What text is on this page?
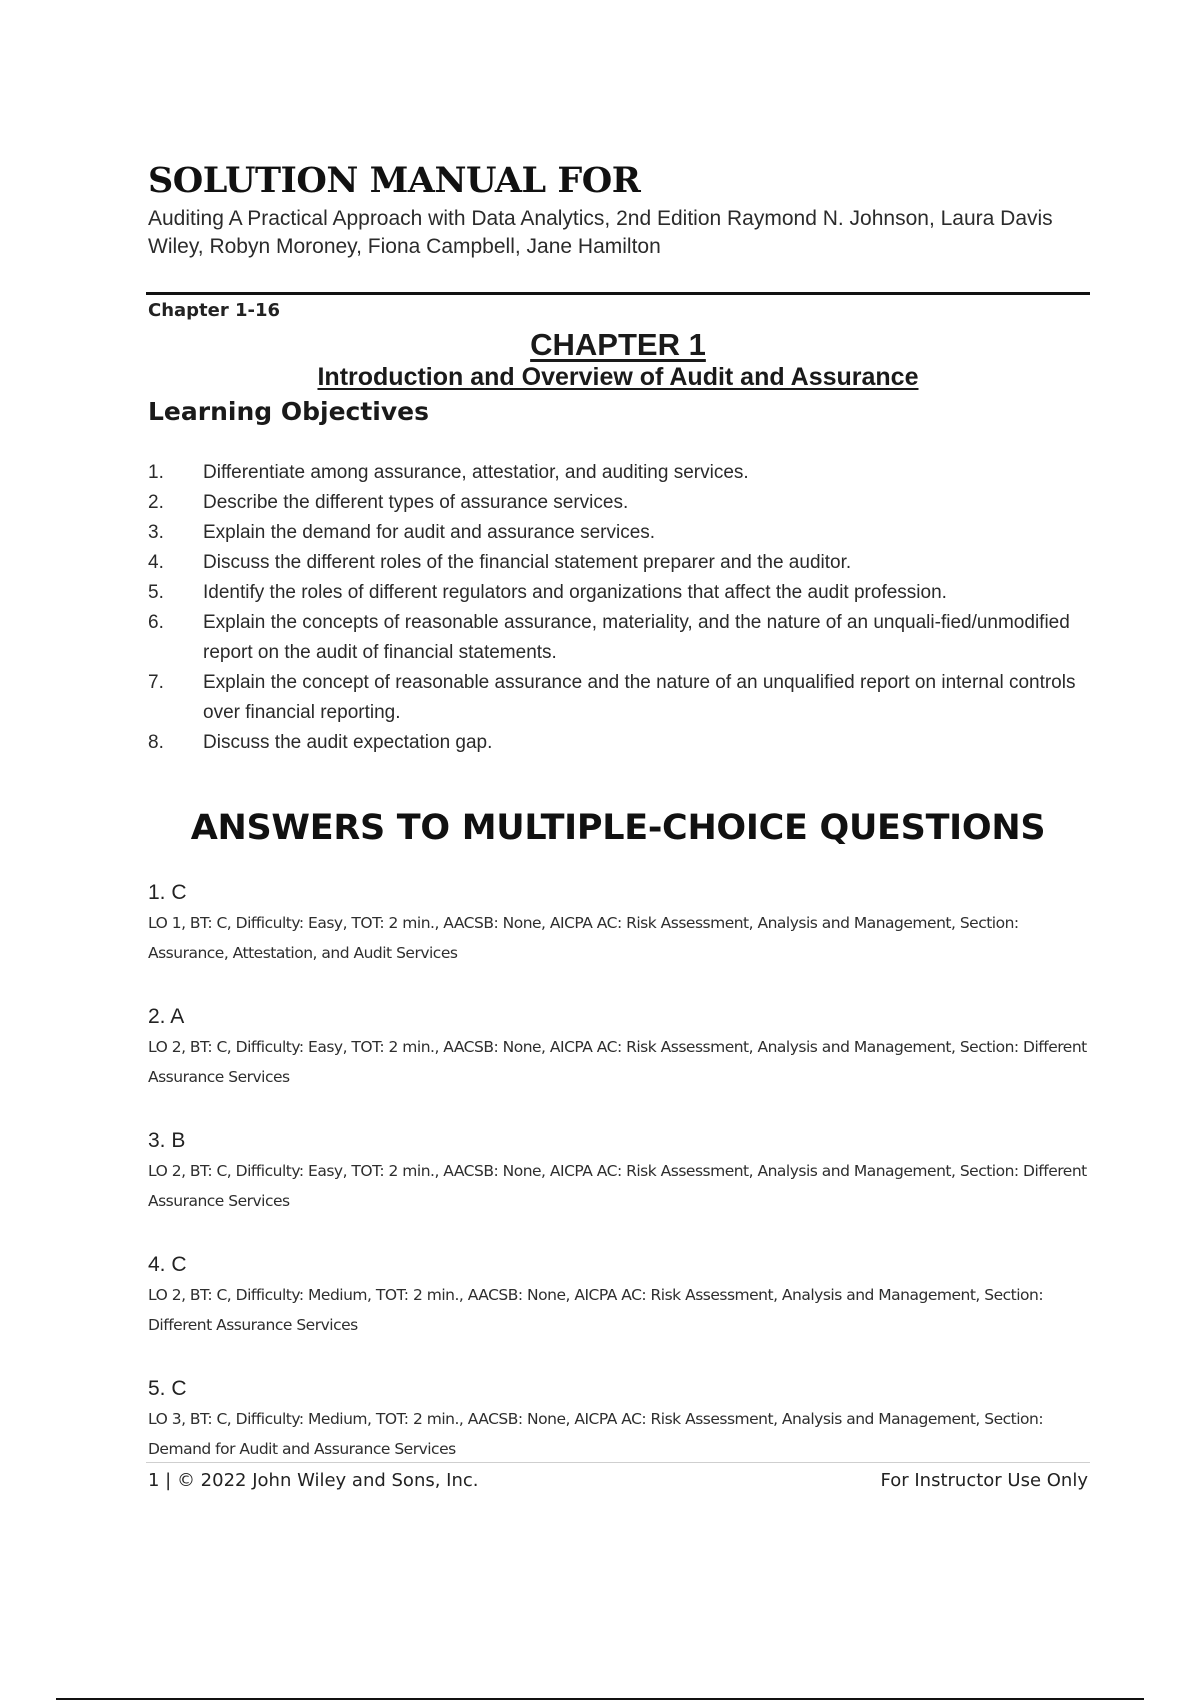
SOLUTION MANUAL FOR
Auditing A Practical Approach with Data Analytics, 2nd Edition Raymond N. Johnson, Laura Davis Wiley, Robyn Moroney, Fiona Campbell, Jane Hamilton
Chapter 1-16
CHAPTER 1
Introduction and Overview of Audit and Assurance
Learning Objectives
1.	Differentiate among assurance, attestatior, and auditing services.
2.	Describe the different types of assurance services.
3.	Explain the demand for audit and assurance services.
4.	Discuss the different roles of the financial statement preparer and the auditor.
5.	Identify the roles of different regulators and organizations that affect the audit profession.
6.	Explain the concepts of reasonable assurance, materiality, and the nature of an unquali-fied/unmodified report on the audit of financial statements.
7.	Explain the concept of reasonable assurance and the nature of an unqualified report on internal controls over financial reporting.
8.	Discuss the audit expectation gap.
ANSWERS TO MULTIPLE-CHOICE QUESTIONS
1. C
LO 1, BT: C, Difficulty: Easy, TOT: 2 min., AACSB: None, AICPA AC: Risk Assessment, Analysis and Management, Section: Assurance, Attestation, and Audit Services
2. A
LO 2, BT: C, Difficulty: Easy, TOT: 2 min., AACSB: None, AICPA AC: Risk Assessment, Analysis and Management, Section: Different Assurance Services
3. B
LO 2, BT: C, Difficulty: Easy, TOT: 2 min., AACSB: None, AICPA AC: Risk Assessment, Analysis and Management, Section: Different Assurance Services
4. C
LO 2, BT: C, Difficulty: Medium, TOT: 2 min., AACSB: None, AICPA AC: Risk Assessment, Analysis and Management, Section: Different Assurance Services
5. C
LO 3, BT: C, Difficulty: Medium, TOT: 2 min., AACSB: None, AICPA AC: Risk Assessment, Analysis and Management, Section: Demand for Audit and Assurance Services
1 | © 2022 John Wiley and Sons, Inc.	For Instructor Use Only
